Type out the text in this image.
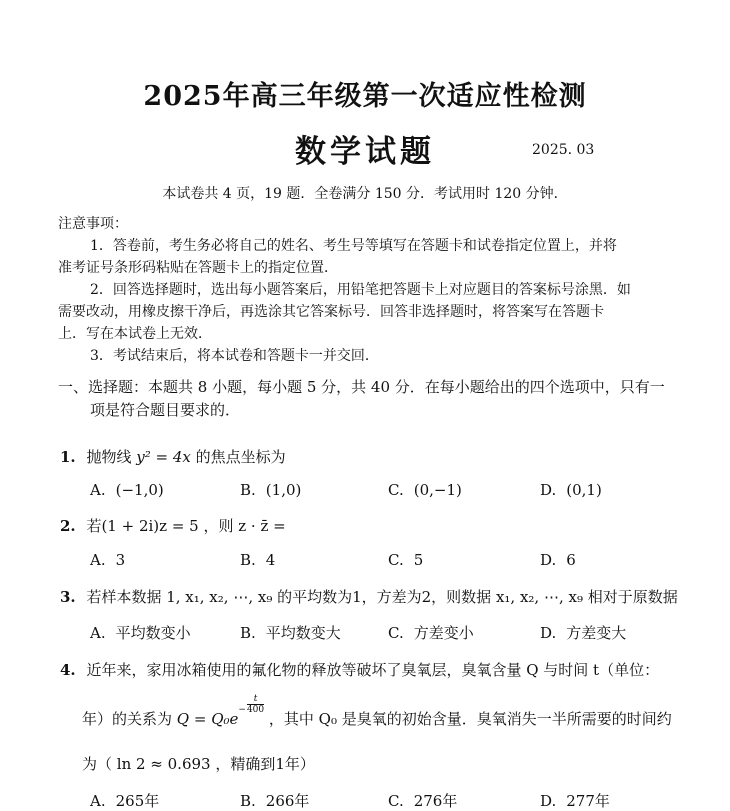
2025年高三年级第一次适应性检测
数学试题	2025. 03
本试卷共 4 页，19 题．全卷满分 150 分．考试用时 120 分钟．
注意事项：
1．答卷前，考生务必将自己的姓名、考生号等填写在答题卡和试卷指定位置上，并将
准考证号条形码粘贴在答题卡上的指定位置．
2．回答选择题时，选出每小题答案后，用铅笔把答题卡上对应题目的答案标号涂黑．如
需要改动，用橡皮擦干净后，再选涂其它答案标号．回答非选择题时，将答案写在答题卡
上．写在本试卷上无效．
3．考试结束后，将本试卷和答题卡一并交回．
一、选择题：本题共 8 小题，每小题 5 分，共 40 分．在每小题给出的四个选项中，只有一
项是符合题目要求的．
1. 抛物线 y² = 4x 的焦点坐标为
A. (−1,0)	B. (1,0)	C. (0,−1)	D. (0,1)
2. 若(1 + 2i)z = 5 ，则 z · z̄ =
A. 3	B. 4	C. 5	D. 6
3. 若样本数据 1, x₁, x₂, ⋯, x₉ 的平均数为1，方差为2，则数据 x₁, x₂, ⋯, x₉ 相对于原数据
A. 平均数变小	B. 平均数变大	C. 方差变小	D. 方差变大
4. 近年来，家用冰箱使用的氟化物的释放等破坏了臭氧层，臭氧含量 Q 与时间 t（单位：
年）的关系为 $Q = Q_0e- \frac{t}{400}$
，其中 Q₀ 是臭氧的初始含量．臭氧消失一半所需要的时间约
为（ ln 2 ≈ 0.693 ，精确到1年）
A. 265年	B. 266年	C. 276年	D. 277年
